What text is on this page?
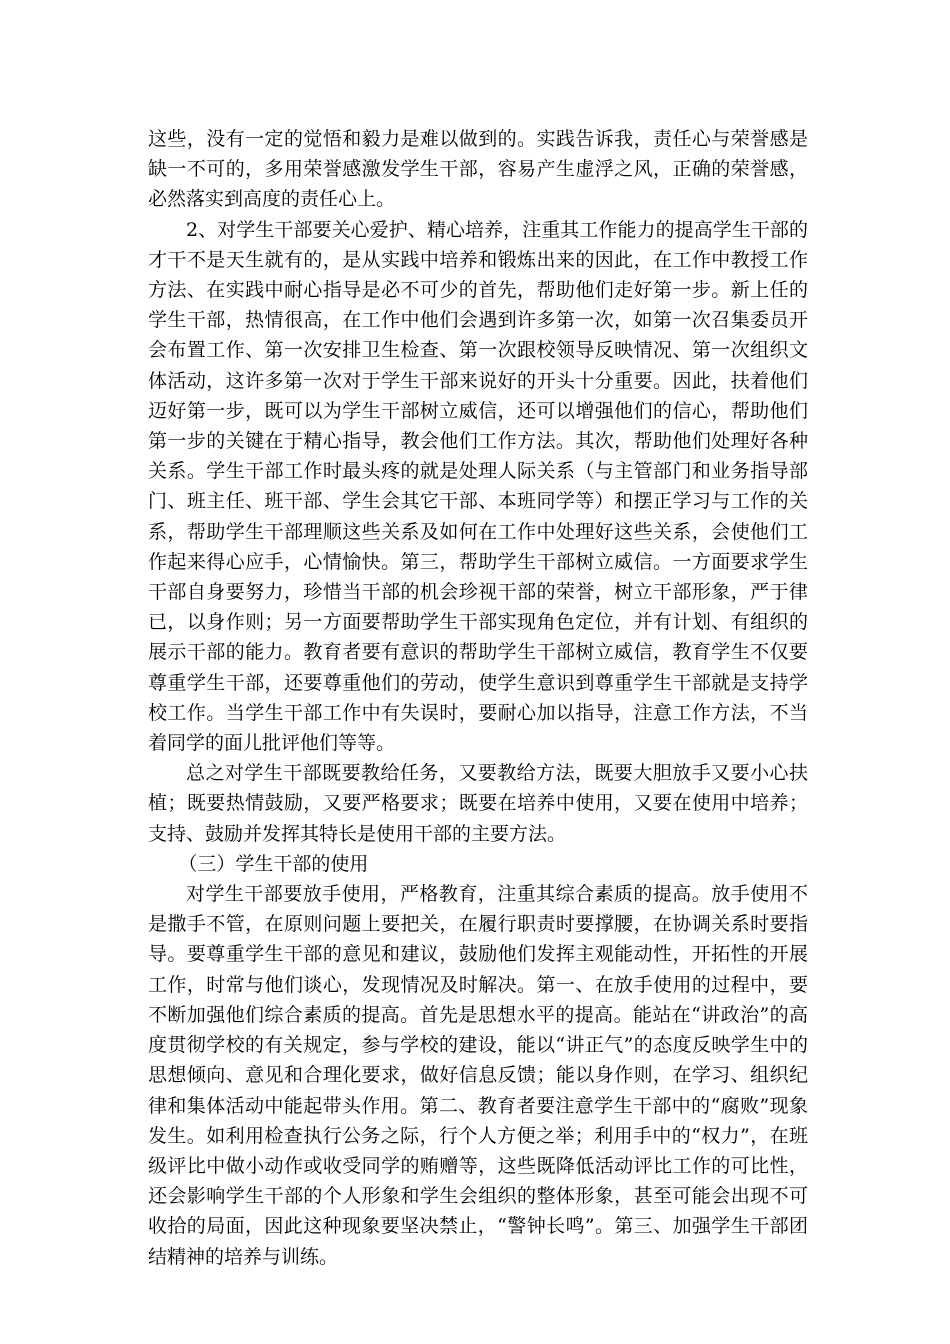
这些，没有一定的觉悟和毅力是难以做到的。实践告诉我，责任心与荣誉感是缺一不可的，多用荣誉感激发学生干部，容易产生虚浮之风，正确的荣誉感，必然落实到高度的责任心上。

2、对学生干部要关心爱护、精心培养，注重其工作能力的提高学生干部的才干不是天生就有的，是从实践中培养和锻炼出来的因此，在工作中教授工作方法、在实践中耐心指导是必不可少的首先，帮助他们走好第一步。新上任的学生干部，热情很高，在工作中他们会遇到许多第一次，如第一次召集委员开会布置工作、第一次安排卫生检查、第一次跟校领导反映情况、第一次组织文体活动，这许多第一次对于学生干部来说好的开头十分重要。因此，扶着他们迈好第一步，既可以为学生干部树立威信，还可以增强他们的信心，帮助他们第一步的关键在于精心指导，教会他们工作方法。其次，帮助他们处理好各种关系。学生干部工作时最头疼的就是处理人际关系（与主管部门和业务指导部门、班主任、班干部、学生会其它干部、本班同学等）和摆正学习与工作的关系，帮助学生干部理顺这些关系及如何在工作中处理好这些关系，会使他们工作起来得心应手，心情愉快。第三，帮助学生干部树立威信。一方面要求学生干部自身要努力，珍惜当干部的机会珍视干部的荣誉，树立干部形象，严于律已，以身作则；另一方面要帮助学生干部实现角色定位，并有计划、有组织的展示干部的能力。教育者要有意识的帮助学生干部树立威信，教育学生不仅要尊重学生干部，还要尊重他们的劳动，使学生意识到尊重学生干部就是支持学校工作。当学生干部工作中有失误时，要耐心加以指导，注意工作方法，不当着同学的面儿批评他们等等。

总之对学生干部既要教给任务，又要教给方法，既要大胆放手又要小心扶植；既要热情鼓励，又要严格要求；既要在培养中使用，又要在使用中培养；支持、鼓励并发挥其特长是使用干部的主要方法。

（三）学生干部的使用

对学生干部要放手使用，严格教育，注重其综合素质的提高。放手使用不是撒手不管，在原则问题上要把关，在履行职责时要撑腰，在协调关系时要指导。要尊重学生干部的意见和建议，鼓励他们发挥主观能动性，开拓性的开展工作，时常与他们谈心，发现情况及时解决。第一、在放手使用的过程中，要不断加强他们综合素质的提高。首先是思想水平的提高。能站在“讲政治”的高度贯彻学校的有关规定，参与学校的建设，能以“讲正气”的态度反映学生中的思想倾向、意见和合理化要求，做好信息反馈；能以身作则，在学习、组织纪律和集体活动中能起带头作用。第二、教育者要注意学生干部中的“腐败”现象发生。如利用检查执行公务之际，行个人方便之举；利用手中的“权力”，在班级评比中做小动作或收受同学的贿赠等，这些既降低活动评比工作的可比性，还会影响学生干部的个人形象和学生会组织的整体形象，甚至可能会出现不可收拾的局面，因此这种现象要坚决禁止，“警钟长鸣”。第三、加强学生干部团结精神的培养与训练。
